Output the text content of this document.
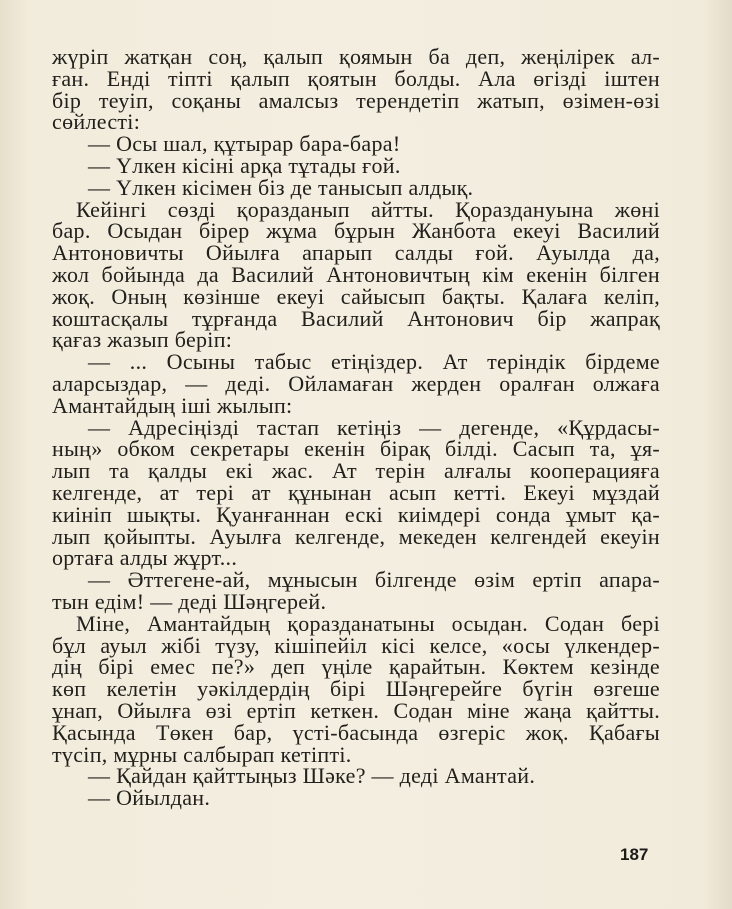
жүріп жатқан соң, қалып қоямын ба деп, жеңілірек ал-
ған. Енді тіпті қалып қоятын болды. Ала өгізді іштен
бір теуіп, соқаны амалсыз терендетіп жатып, өзімен-өзі
сөйлесті:
— Осы шал, құтырар бара-бара!
— Үлкен кісіні арқа тұтады ғой.
— Үлкен кісімен біз де танысып алдық.
Кейінгі сөзді қоразданып айтты. Қораздануына жөні
бар. Осыдан бірер жұма бұрын Жанбота екеуі Василий
Антоновичты Ойылға апарып салды ғой. Ауылда да,
жол бойында да Василий Антоновичтың кім екенін білген
жоқ. Оның көзінше екеуі сайысып бақты. Қалаға келіп,
коштасқалы тұрғанда Василий Антонович бір жапрақ
қағаз жазып беріп:
— ... Осыны табыс етіңіздер. Ат теріндік бірдеме
аларсыздар, — деді. Ойламаған жерден оралған олжаға
Амантайдың іші жылып:
— Адресіңізді тастап кетіңіз — дегенде, «Құрдасы-
ның» обком секретары екенін бірақ білді. Сасып та, ұя-
лып та қалды екі жас. Ат терін алғалы кооперацияға
келгенде, ат тері ат құнынан асып кетті. Екеуі мұздай
киініп шықты. Қуанғаннан ескі киімдері сонда ұмыт қа-
лып қойыпты. Ауылға келгенде, мекеден келгендей екеуін
ортаға алды жұрт...
— Әттегене-ай, мұнысын білгенде өзім ертіп апара-
тын едім! — деді Шәңгерей.
Міне, Амантайдың қоразданатыны осыдан. Содан бері
бұл ауыл жібі түзу, кішіпейіл кісі келсе, «осы үлкендер-
дің бірі емес пе?» деп үңіле қарайтын. Көктем кезінде
көп келетін уәкілдердің бірі Шәңгерейге бүгін өзгеше
ұнап, Ойылға өзі ертіп кеткен. Содан міне жаңа қайтты.
Қасында Төкен бар, үсті-басында өзгеріс жоқ. Қабағы
түсіп, мұрны салбырап кетіпті.
— Қайдан қайттыңыз Шәке? — деді Амантай.
— Ойылдан.
187
